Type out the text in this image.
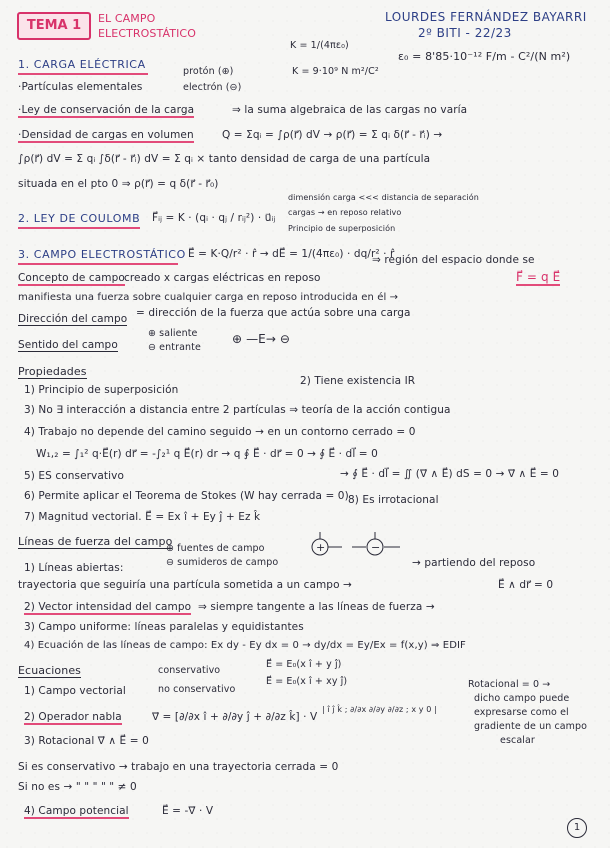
TEMA 1	EL CAMPO
ELECTROSTÁTICO
LOURDES FERNÁNDEZ BAYARRI
2º BITI - 22/23
K = 1/(4πε₀)
K = 9·10⁹ N m²/C²
ε₀ = 8'85·10⁻¹² F/m - C²/(N m²)
1. CARGA ELÉCTRICA
·Partículas elementales
protón (⊕)
electrón (⊖)
·Ley de conservación de la carga	⇒ la suma algebraica de las cargas no varía
·Densidad de cargas en volumen	Q = Σqᵢ = ∫ρ(r⃗) dV → ρ(r⃗) = Σ qᵢ δ(r⃗ - r⃗ᵢ) →
∫ρ(r⃗) dV = Σ qᵢ ∫δ(r⃗ - r⃗ᵢ) dV = Σ qᵢ × tanto densidad de carga de una partícula
situada en el pto 0 ⇒ ρ(r⃗) = q δ(r⃗ - r⃗₀)
2. LEY DE COULOMB F⃗ᵢⱼ = K · (qᵢ · qⱼ / rᵢⱼ²) · u⃗ᵢⱼ
dimensión carga <<< distancia de separación
cargas → en reposo relativo
Principio de superposición
3. CAMPO ELECTROSTÁTICO E⃗ = K·Q/r² · r̂ → dE⃗ = 1/(4πε₀) · dq/r² · r̂
Concepto de campo creado x cargas eléctricas en reposo
⇒ región del espacio donde se
manifiesta una fuerza sobre cualquier carga en reposo introducida en él →
F⃗ = q E⃗
Dirección del campo = dirección de la fuerza que actúa sobre una carga
Sentido del campo
⊕ saliente
⊖ entrante
⊕ —E→ ⊖
Propiedades
1) Principio de superposición
2) Tiene existencia IR
3) No ∃ interacción a distancia entre 2 partículas ⇒ teoría de la acción contigua
4) Trabajo no depende del camino seguido → en un contorno cerrado = 0
W₁,₂ = ∫₁² q·E⃗(r) dr⃗ = -∫₂¹ q E⃗(r) dr → q ∮ E⃗ · dr⃗ = 0 → ∮ E⃗ · dl⃗ = 0
5) ES conservativo	→ ∮ E⃗ · dl⃗ = ∬ (∇⃗ ∧ E⃗) dS = 0 → ∇⃗ ∧ E⃗ = 0
6) Permite aplicar el Teorema de Stokes (W hay cerrada = 0) 8) Es irrotacional
7) Magnitud vectorial. E⃗ = Ex î + Ey ĵ + Ez k̂
Líneas de fuerza del campo
⊕ fuentes de campo
⊖ sumideros de campo
+	−
1) Líneas abiertas:	→ partiendo del reposo
trayectoria que seguiría una partícula sometida a un campo →	E⃗ ∧ dr⃗ = 0
2) Vector intensidad del campo ⇒ siempre tangente a las líneas de fuerza →
3) Campo uniforme: líneas paralelas y equidistantes
4) Ecuación de las líneas de campo: Ex dy - Ey dx = 0 → dy/dx = Ey/Ex = f(x,y) ⇒ EDIF
Ecuaciones
1) Campo vectorial
conservativo
no conservativo
E⃗ = E₀(x î + y ĵ)
E⃗ = E₀(x î + xy ĵ)
2) Operador nabla	∇⃗ = [∂/∂x î + ∂/∂y ĵ + ∂/∂z k̂] · V
| î ĵ k̂ ; ∂/∂x ∂/∂y ∂/∂z ; x y 0 |
3) Rotacional ∇⃗ ∧ E⃗ = 0
Rotacional = 0 →
dicho campo puede
expresarse como el
gradiente de un campo
escalar
Si es conservativo → trabajo en una trayectoria cerrada = 0
Si no es → " " " " " ≠ 0
4) Campo potencial	E⃗ = -∇⃗ · V
1
